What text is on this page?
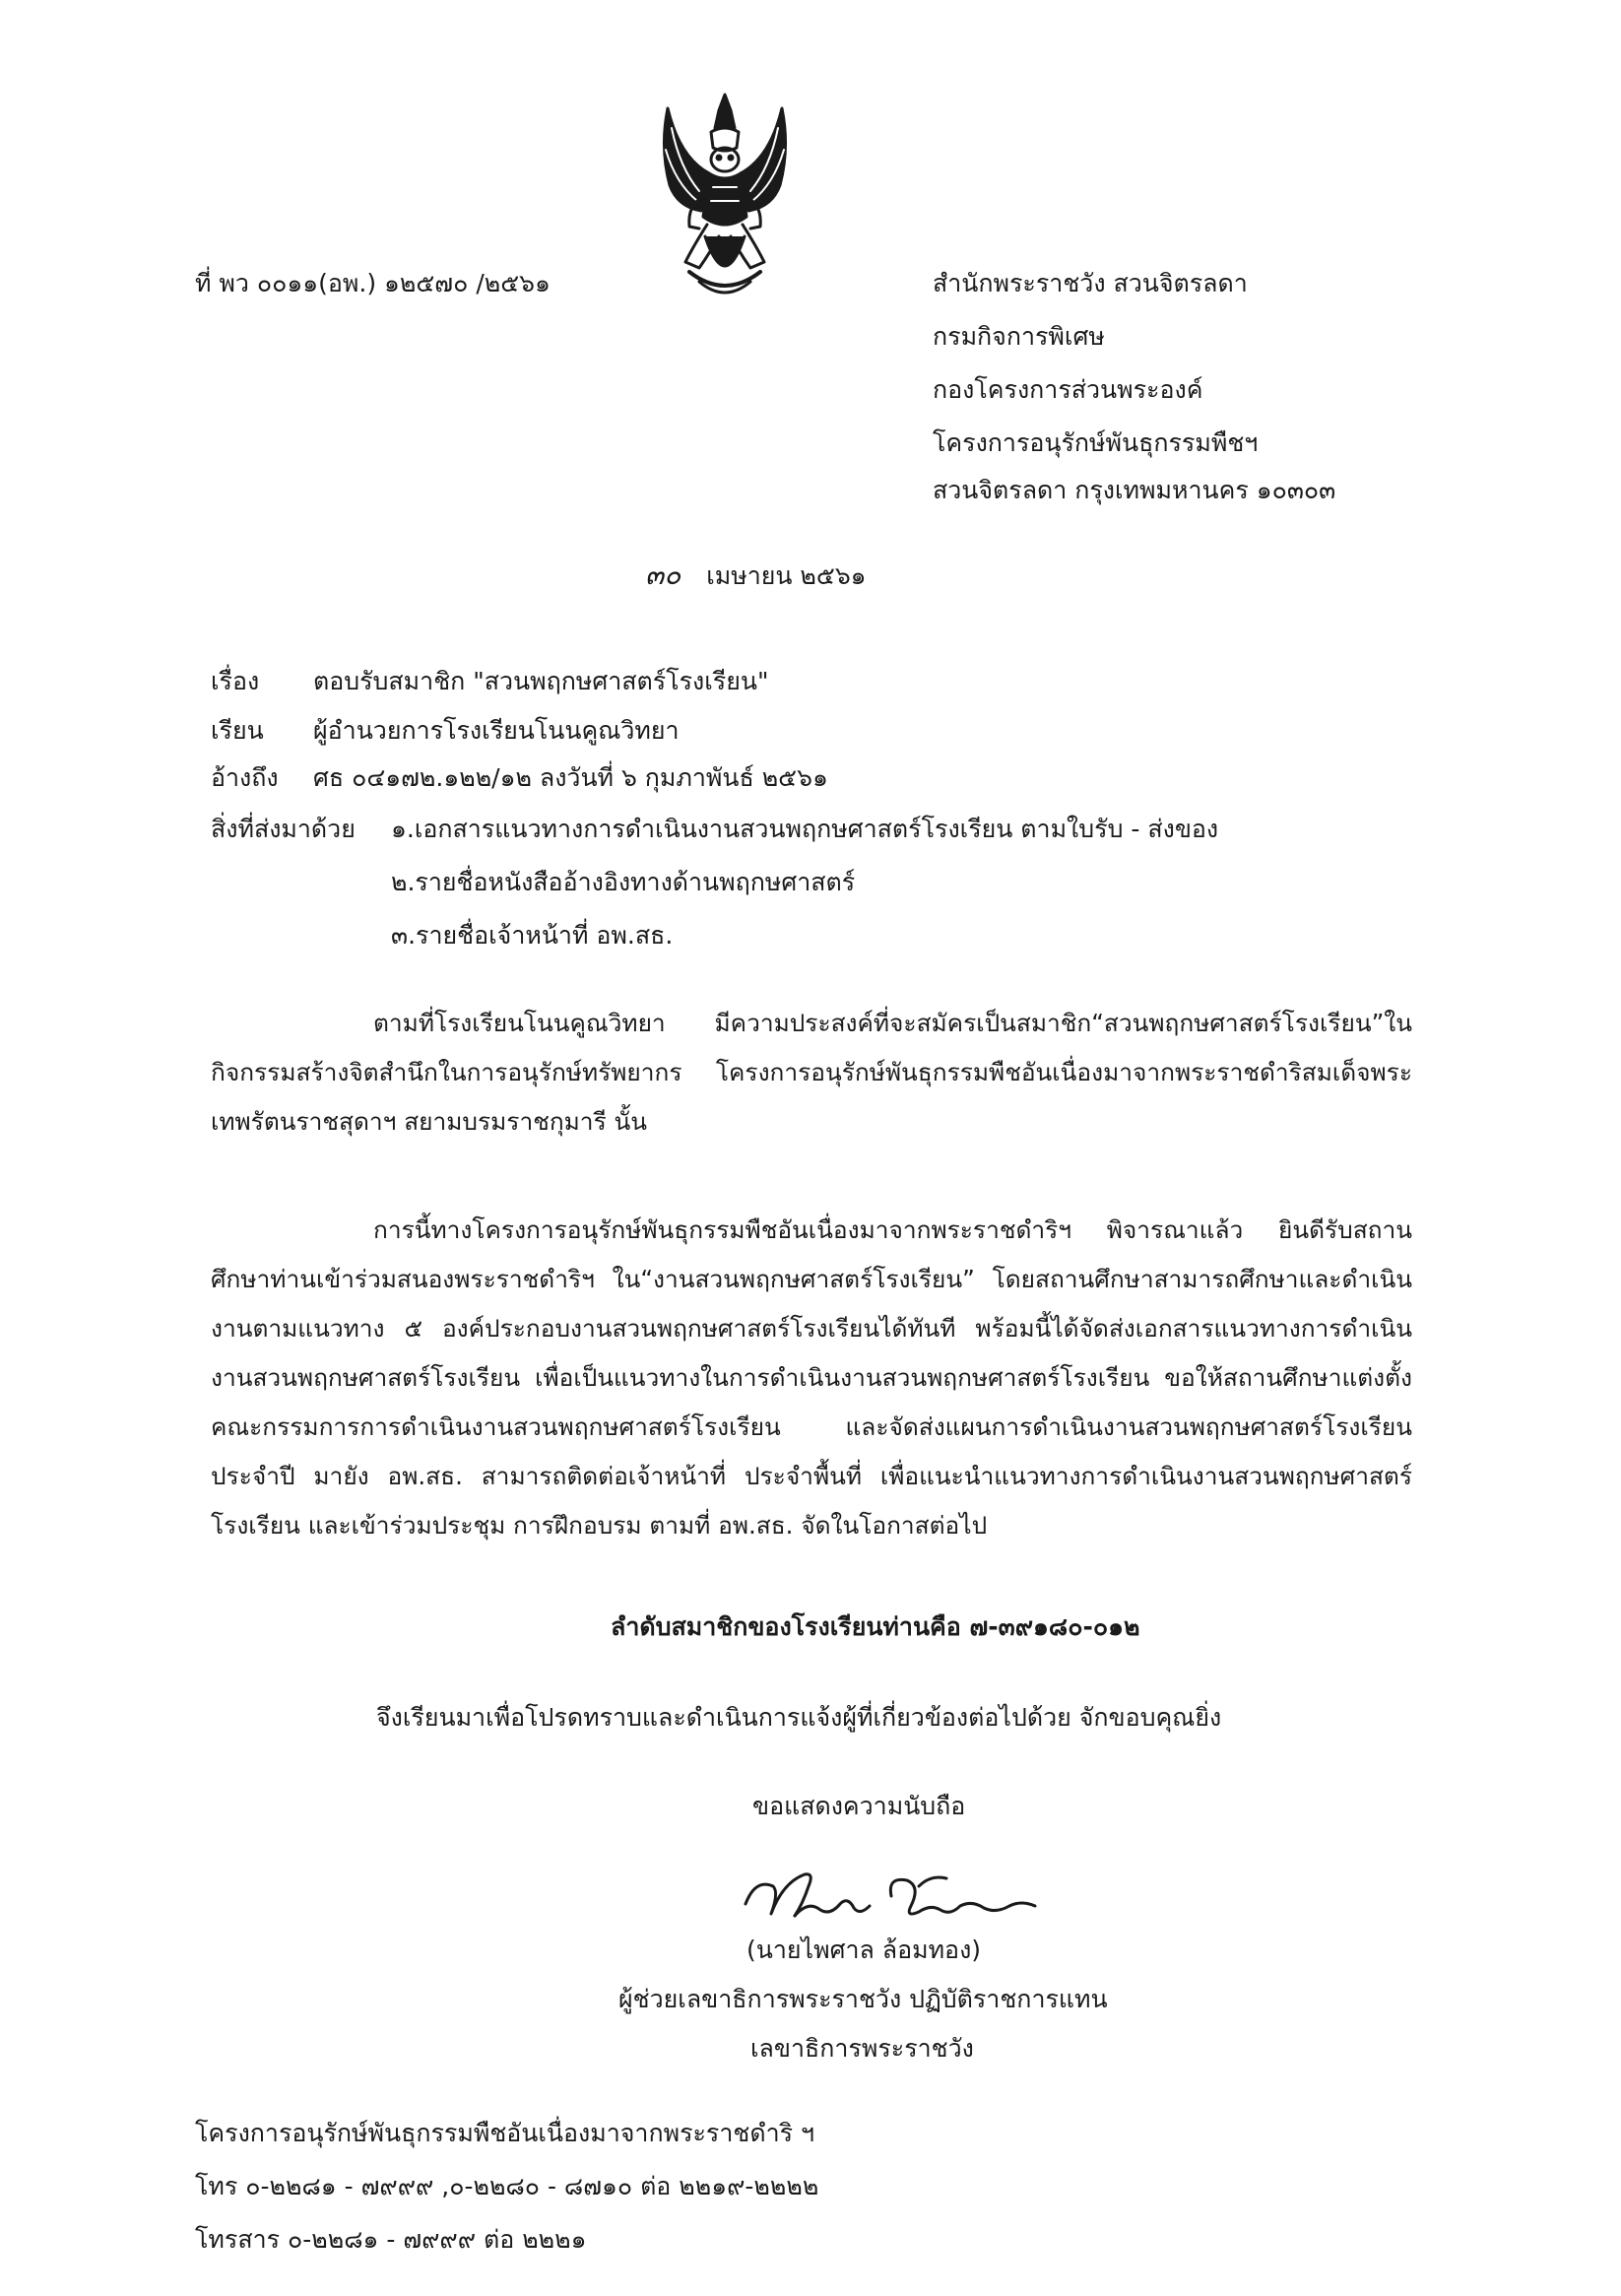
ที่ พว ๐๐๑๑(อพ.) ๑๒๕๗๐ /๒๕๖๑	สำนักพระราชวัง สวนจิตรลดา
กรมกิจการพิเศษ
กองโครงการส่วนพระองค์
โครงการอนุรักษ์พันธุกรรมพืชฯ
สวนจิตรลดา กรุงเทพมหานคร ๑๐๓๐๓
๓๐ เมษายน ๒๕๖๑
เรื่อง ตอบรับสมาชิก "สวนพฤกษศาสตร์โรงเรียน"
เรียน ผู้อำนวยการโรงเรียนโนนคูณวิทยา
อ้างถึง ศธ ๐๔๑๗๒.๑๒๒/๑๒ ลงวันที่ ๖ กุมภาพันธ์ ๒๕๖๑
สิ่งที่ส่งมาด้วย ๑.เอกสารแนวทางการดำเนินงานสวนพฤกษศาสตร์โรงเรียน ตามใบรับ - ส่งของ
๒.รายชื่อหนังสืออ้างอิงทางด้านพฤกษศาสตร์
๓.รายชื่อเจ้าหน้าที่ อพ.สธ.

ตามที่โรงเรียนโนนคูณวิทยา มีความประสงค์ที่จะสมัครเป็นสมาชิก“สวนพฤกษศาสตร์โรงเรียน”ในกิจกรรมสร้างจิตสำนึกในการอนุรักษ์ทรัพยากร โครงการอนุรักษ์พันธุกรรมพืชอันเนื่องมาจากพระราชดำริสมเด็จพระเทพรัตนราชสุดาฯ สยามบรมราชกุมารี นั้น

การนี้ทางโครงการอนุรักษ์พันธุกรรมพืชอันเนื่องมาจากพระราชดำริฯ พิจารณาแล้ว ยินดีรับสถานศึกษาท่านเข้าร่วมสนองพระราชดำริฯ ใน“งานสวนพฤกษศาสตร์โรงเรียน” โดยสถานศึกษาสามารถศึกษาและดำเนินงานตามแนวทาง ๕ องค์ประกอบงานสวนพฤกษศาสตร์โรงเรียนได้ทันที พร้อมนี้ได้จัดส่งเอกสารแนวทางการดำเนินงานสวนพฤกษศาสตร์โรงเรียน เพื่อเป็นแนวทางในการดำเนินงานสวนพฤกษศาสตร์โรงเรียน ขอให้สถานศึกษาแต่งตั้งคณะกรรมการการดำเนินงานสวนพฤกษศาสตร์โรงเรียน และจัดส่งแผนการดำเนินงานสวนพฤกษศาสตร์โรงเรียนประจำปี มายัง อพ.สธ. สามารถติดต่อเจ้าหน้าที่ ประจำพื้นที่ เพื่อแนะนำแนวทางการดำเนินงานสวนพฤกษศาสตร์โรงเรียน และเข้าร่วมประชุม การฝึกอบรม ตามที่ อพ.สธ. จัดในโอกาสต่อไป

ลำดับสมาชิกของโรงเรียนท่านคือ ๗-๓๙๑๘๐-๐๑๒
จึงเรียนมาเพื่อโปรดทราบและดำเนินการแจ้งผู้ที่เกี่ยวข้องต่อไปด้วย จักขอบคุณยิ่ง
ขอแสดงความนับถือ
(นายไพศาล ล้อมทอง)
ผู้ช่วยเลขาธิการพระราชวัง ปฏิบัติราชการแทน
เลขาธิการพระราชวัง
โครงการอนุรักษ์พันธุกรรมพืชอันเนื่องมาจากพระราชดำริ ฯ
โทร ๐-๒๒๘๑ - ๗๙๙๙ ,๐-๒๒๘๐ - ๘๗๑๐ ต่อ ๒๒๑๙-๒๒๒๒
โทรสาร ๐-๒๒๘๑ - ๗๙๙๙ ต่อ ๒๒๒๑
